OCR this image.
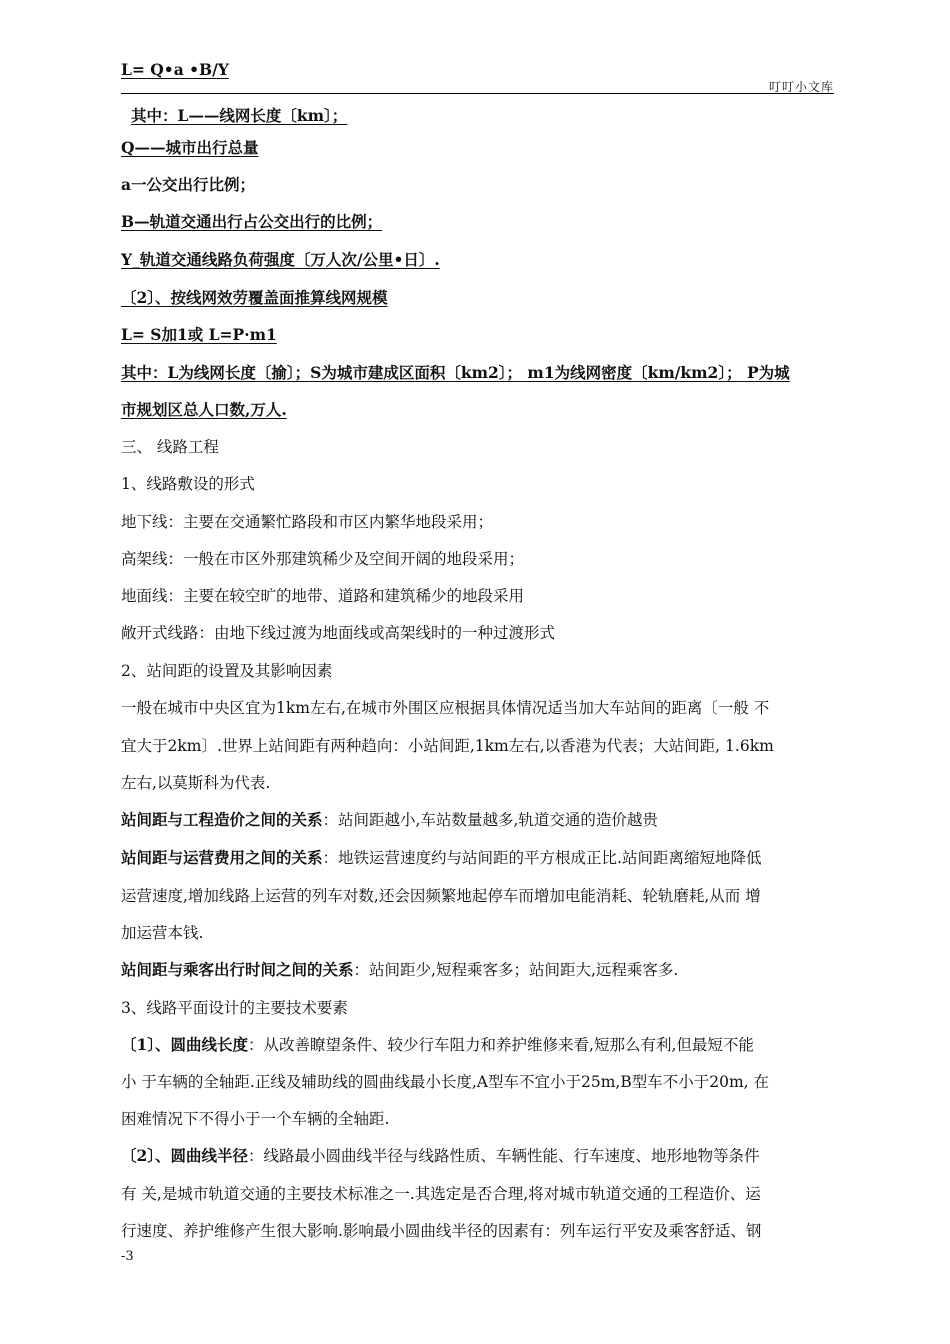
L= Q•a •B/Y
叮叮小文库
其中：L——线网长度〔km〕；
Q——城市出行总量
a一公交出行比例；
B—轨道交通出行占公交出行的比例；
Y_轨道交通线路负荷强度〔万人次/公里•日〕.
〔2〕、按线网效劳覆盖面推算线网规模
L= S加1或 L=P·m1
其中：L为线网长度〔揄〕；S为城市建成区面积〔km2〕； m1为线网密度〔km/km2〕； P为城
市规划区总人口数,万人.
三、 线路工程
1、线路敷设的形式
地下线：主要在交通繁忙路段和市区内繁华地段采用；
高架线：一般在市区外那建筑稀少及空间开阔的地段采用；
地面线：主要在较空旷的地带、道路和建筑稀少的地段采用
敞开式线路：由地下线过渡为地面线或高架线时的一种过渡形式
2、站间距的设置及其影响因素
一般在城市中央区宜为1km左右,在城市外围区应根据具体情况适当加大车站间的距离〔一般 不
宜大于2km〕.世界上站间距有两种趋向：小站间距,1km左右,以香港为代表；大站间距, 1.6km
左右,以莫斯科为代表.
站间距与工程造价之间的关系：站间距越小,车站数量越多,轨道交通的造价越贵
站间距与运营费用之间的关系：地铁运营速度约与站间距的平方根成正比.站间距离缩短地降低
运营速度,增加线路上运营的列车对数,还会因频繁地起停车而增加电能消耗、轮轨磨耗,从而 增
加运营本钱.
站间距与乘客出行时间之间的关系：站间距少,短程乘客多；站间距大,远程乘客多.
3、线路平面设计的主要技术要素
〔1〕、圆曲线长度：从改善瞭望条件、较少行车阻力和养护维修来看,短那么有利,但最短不能
小 于车辆的全轴距.正线及辅助线的圆曲线最小长度,A型车不宜小于25m,B型车不小于20m, 在
困难情况下不得小于一个车辆的全轴距.
〔2〕、圆曲线半径：线路最小圆曲线半径与线路性质、车辆性能、行车速度、地形地物等条件
有 关,是城市轨道交通的主要技术标准之一.其选定是否合理,将对城市轨道交通的工程造价、运
行速度、养护维修产生很大影响.影响最小圆曲线半径的因素有：列车运行平安及乘客舒适、钢
-3
